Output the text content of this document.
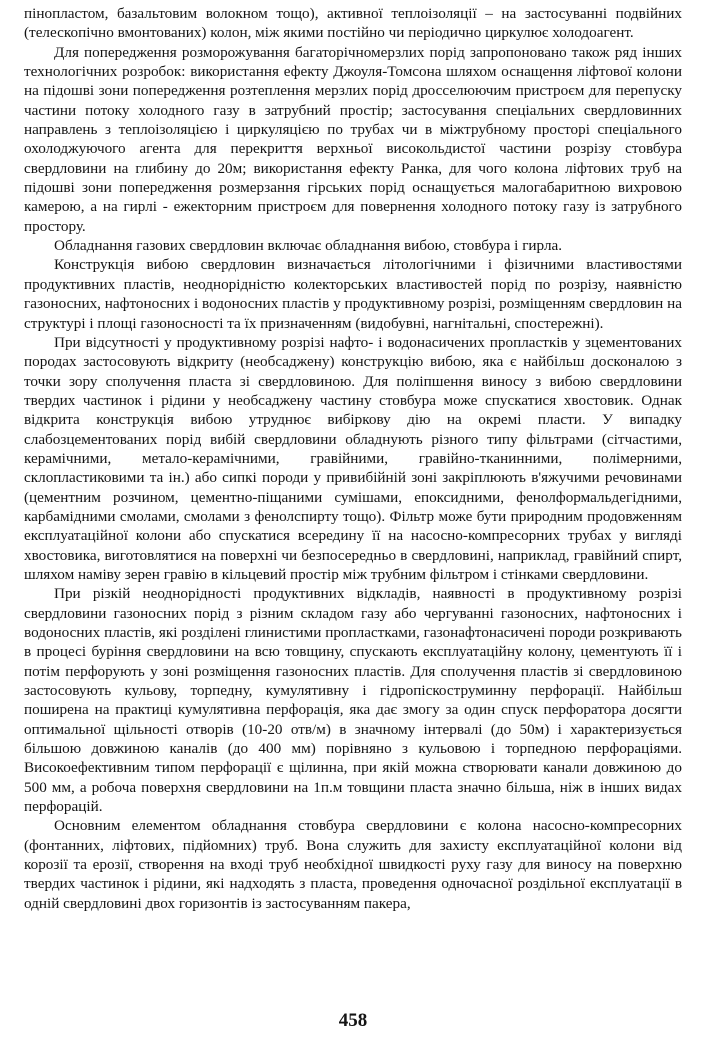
пінопластом, базальтовим волокном тощо), активної теплоізоляції – на застосуванні подвійних (телескопічно вмонтованих) колон, між якими постійно чи періодично циркулює холодоагент.

Для попередження розморожування багаторічномерзлих порід запропоновано також ряд інших технологічних розробок: використання ефекту Джоуля-Томсона шляхом оснащення ліфтової колони на підошві зони попередження розтеплення мерзлих порід дросселюючим пристроєм для перепуску частини потоку холодного газу в затрубний простір; застосування спеціальних свердловинних направлень з теплоізоляцією і циркуляцією по трубах чи в міжтрубному просторі спеціального охолоджуючого агента для перекриття верхньої високольдистої частини розрізу стовбура свердловини на глибину до 20м; використання ефекту Ранка, для чого колона ліфтових труб на підошві зони попередження розмерзання гірських порід оснащується малогабаритною вихровою камерою, а на гирлі - ежекторним пристроєм для повернення холодного потоку газу із затрубного простору.

Обладнання газових свердловин включає обладнання вибою, стовбура і гирла.

Конструкція вибою свердловин визначається літологічними і фізичними властивостями продуктивних пластів, неоднорідністю колекторських властивостей порід по розрізу, наявністю газоносних, нафтоносних і водоносних пластів у продуктивному розрізі, розміщенням свердловин на структурі і площі газоносності та їх призначенням (видобувні, нагнітальні, спостережні).

При відсутності у продуктивному розрізі нафто- і водонасичених пропластків у зцементованих породах застосовують відкриту (необсаджену) конструкцію вибою, яка є найбільш досконалою з точки зору сполучення пласта зі свердловиною. Для поліпшення виносу з вибою свердловини твердих частинок і рідини у необсаджену частину стовбура може спускатися хвостовик. Однак відкрита конструкція вибою утруднює вибіркову дію на окремі пласти. У випадку слабозцементованих порід вибій свердловини обладнують різного типу фільтрами (сітчастими, керамічними, метало-керамічними, гравійними, гравійно-тканинними, полімерними, склопластиковими та ін.) або сипкі породи у привибійній зоні закріплюють в'яжучими речовинами (цементним розчином, цементно-піщаними сумішами, епоксидними, фенолформальдегідними, карбамідними смолами, смолами з фенолспирту тощо). Фільтр може бути природним продовженням експлуатаційної колони або спускатися всередину її на насосно-компресорних трубах у вигляді хвостовика, виготовлятися на поверхні чи безпосередньо в свердловині, наприклад, гравійний спирт, шляхом наміву зерен гравію в кільцевий простір між трубним фільтром і стінками свердловини.

При різкій неоднорідності продуктивних відкладів, наявності в продуктивному розрізі свердловини газоносних порід з різним складом газу або чергуванні газоносних, нафтоносних і водоносних пластів, які розділені глинистими пропластками, газонафтонасичені породи розкривають в процесі буріння свердловини на всю товщину, спускають експлуатаційну колону, цементують її і потім перфорують у зоні розміщення газоносних пластів. Для сполучення пластів зі свердловиною застосовують кульову, торпедну, кумулятивну і гідропіскоструминну перфорації. Найбільш поширена на практиці кумулятивна перфорація, яка дає змогу за один спуск перфоратора досягти оптимальної щільності отворів (10-20 отв/м) в значному інтервалі (до 50м) і характеризується більшою довжиною каналів (до 400 мм) порівняно з кульовою і торпедною перфораціями. Високоефективним типом перфорації є щілинна, при якій можна створювати канали довжиною до 500 мм, а робоча поверхня свердловини на 1п.м товщини пласта значно більша, ніж в інших видах перфорацій.

Основним елементом обладнання стовбура свердловини є колона насосно-компресорних (фонтанних, ліфтових, підйомних) труб. Вона служить для захисту експлуатаційної колони від корозії та ерозії, створення на вході труб необхідної швидкості руху газу для виносу на поверхню твердих частинок і рідини, які надходять з пласта, проведення одночасної роздільної експлуатації в одній свердловині двох горизонтів із застосуванням пакера,

458
